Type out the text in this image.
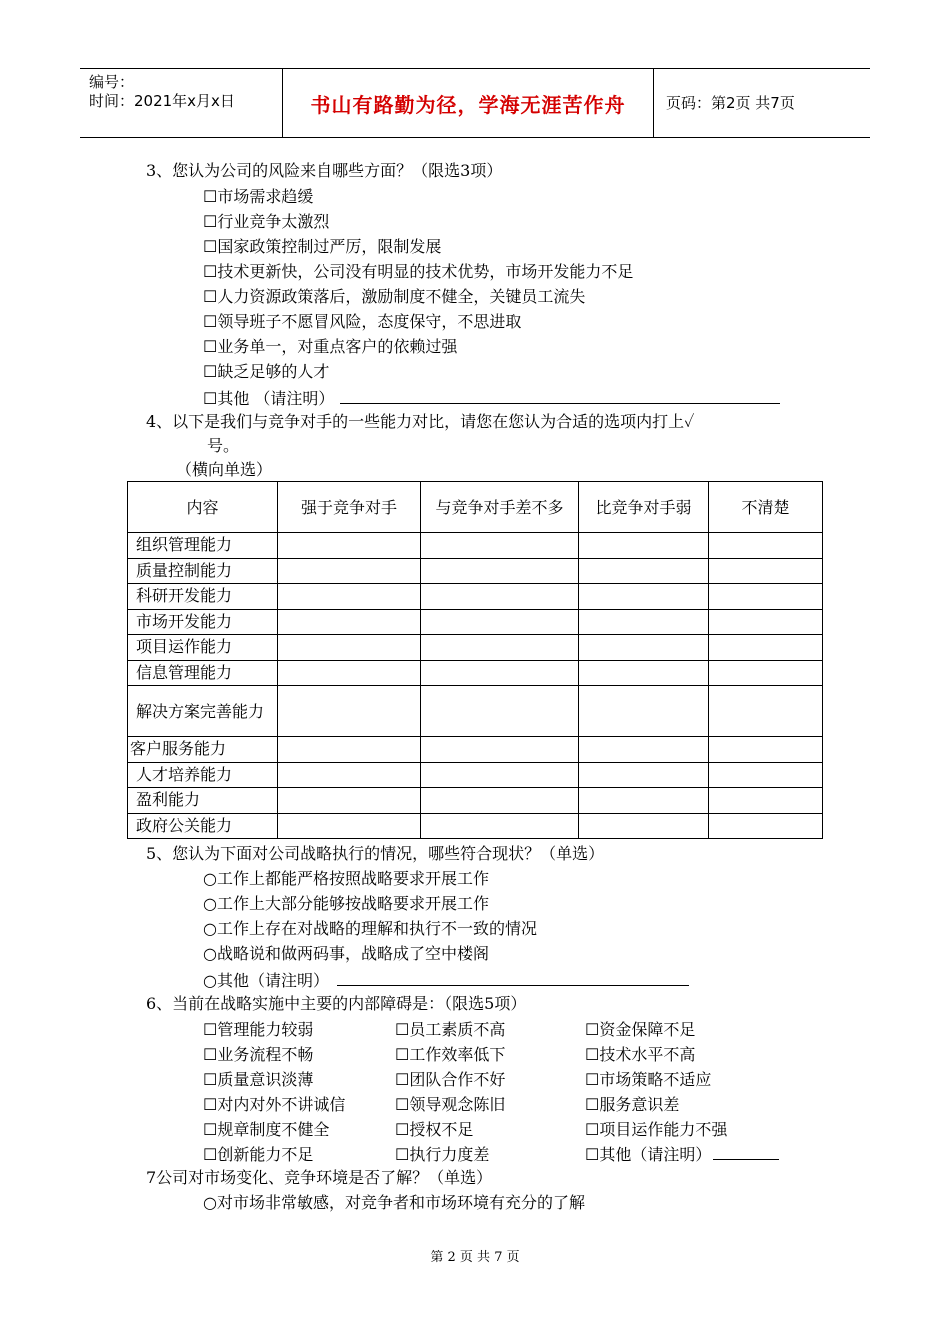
编号：
时间：2021年x月x日	书山有路勤为径，学海无涯苦作舟	页码：第2页 共7页
3、您认为公司的风险来自哪些方面？（限选3项）
☐市场需求趋缓
☐行业竞争太激烈
☐国家政策控制过严厉，限制发展
☐技术更新快，公司没有明显的技术优势，市场开发能力不足
☐人力资源政策落后，激励制度不健全，关键员工流失
☐领导班子不愿冒风险，态度保守，不思进取
☐业务单一，对重点客户的依赖过强
☐缺乏足够的人才
☐其他 （请注明）
4、以下是我们与竞争对手的一些能力对比，请您在您认为合适的选项内打上✓
号。
（横向单选）
内容	强于竞争对手	与竞争对手差不多	比竞争对手弱	不清楚
组织管理能力				
质量控制能力				
科研开发能力				
市场开发能力				
项目运作能力				
信息管理能力				
解决方案完善能力				
客户服务能力				
人才培养能力				
盈利能力				
政府公关能力				
5、您认为下面对公司战略执行的情况，哪些符合现状？（单选）
○工作上都能严格按照战略要求开展工作
○工作上大部分能够按战略要求开展工作
○工作上存在对战略的理解和执行不一致的情况
○战略说和做两码事，战略成了空中楼阁
○其他（请注明）
6、当前在战略实施中主要的内部障碍是：（限选5项）
☐管理能力较弱	☐员工素质不高	☐资金保障不足
☐业务流程不畅	☐工作效率低下	☐技术水平不高
☐质量意识淡薄	☐团队合作不好	☐市场策略不适应
☐对内对外不讲诚信	☐领导观念陈旧	☐服务意识差
☐规章制度不健全	☐授权不足	☐项目运作能力不强
☐创新能力不足	☐执行力度差	☐其他（请注明）
7公司对市场变化、竞争环境是否了解？（单选）
○对市场非常敏感，对竞争者和市场环境有充分的了解
第 2 页 共 7 页
